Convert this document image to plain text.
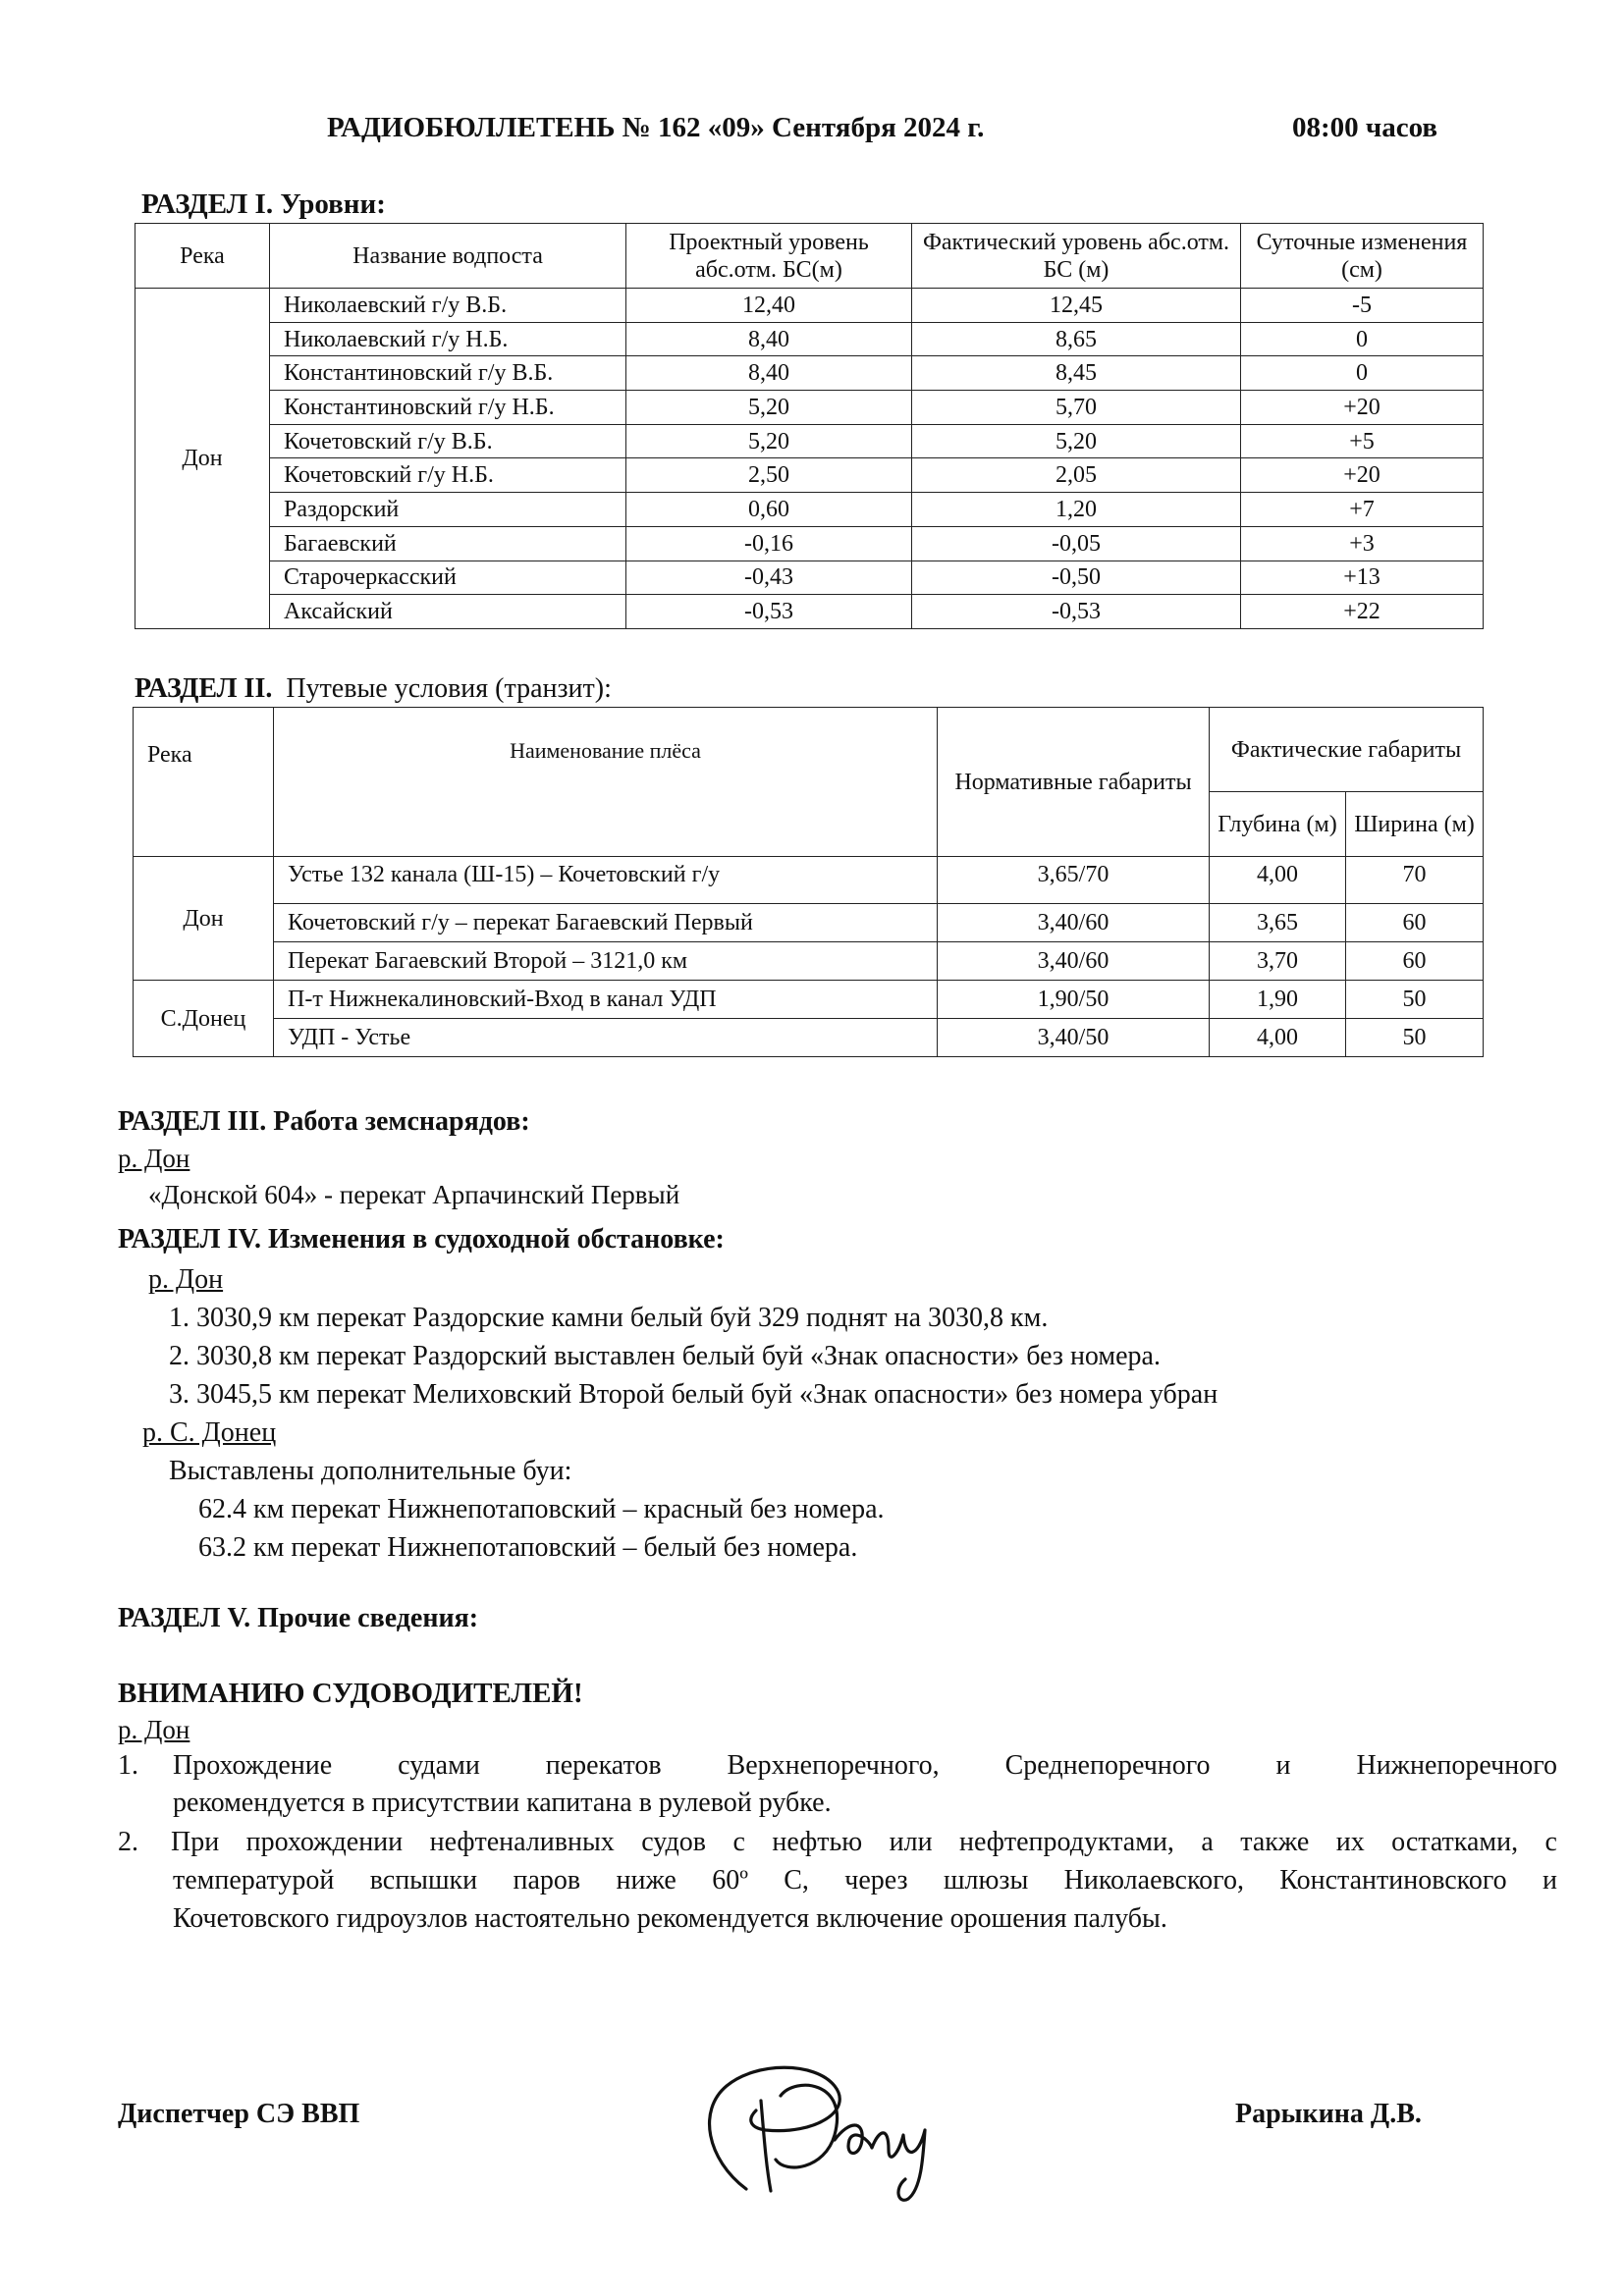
РАДИОБЮЛЛЕТЕНЬ № 162 «09» Сентября 2024 г.	08:00 часов
РАЗДЕЛ I. Уровни:
Река	Название водпоста	Проектный уровень абс.отм. БС(м)	Фактический уровень абс.отм. БС (м)	Суточные изменения (см)
Дон	Николаевский г/у В.Б.	12,40	12,45	-5
	Николаевский г/у Н.Б.	8,40	8,65	0
	Константиновский г/у В.Б.	8,40	8,45	0
	Константиновский г/у Н.Б.	5,20	5,70	+20
	Кочетовский г/у В.Б.	5,20	5,20	+5
	Кочетовский г/у Н.Б.	2,50	2,05	+20
	Раздорский	0,60	1,20	+7
	Багаевский	-0,16	-0,05	+3
	Старочеркасский	-0,43	-0,50	+13
	Аксайский	-0,53	-0,53	+22
РАЗДЕЛ II. Путевые условия (транзит):
Река	Наименование плёса	Нормативные габариты	Фактические габариты	
			Глубина (м)	Ширина (м)
Дон	Устье 132 канала (Ш-15) – Кочетовский г/у	3,65/70	4,00	70
	Кочетовский г/у – перекат Багаевский Первый	3,40/60	3,65	60
	Перекат Багаевский Второй – 3121,0 км	3,40/60	3,70	60
С.Донец	П-т Нижнекалиновский-Вход в канал УДП	1,90/50	1,90	50
	УДП - Устье	3,40/50	4,00	50
РАЗДЕЛ III. Работа земснарядов:
р. Дон
«Донской 604» - перекат Арпачинский Первый
РАЗДЕЛ IV. Изменения в судоходной обстановке:
р. Дон
1. 3030,9 км перекат Раздорские камни белый буй 329 поднят на 3030,8 км.
2. 3030,8 км перекат Раздорский выставлен белый буй «Знак опасности» без номера.
3. 3045,5 км перекат Мелиховский Второй белый буй «Знак опасности» без номера убран
р. С. Донец
Выставлены дополнительные буи:
62.4 км перекат Нижнепотаповский – красный без номера.
63.2 км перекат Нижнепотаповский – белый без номера.
РАЗДЕЛ V. Прочие сведения:
ВНИМАНИЮ СУДОВОДИТЕЛЕЙ!
р. Дон
1. Прохождение судами перекатов Верхнепоречного, Среднепоречного и Нижнепоречного
рекомендуется в присутствии капитана в рулевой рубке.
2. При прохождении нефтеналивных судов с нефтью или нефтепродуктами, а также их остатками, с
температурой вспышки паров ниже 60º С, через шлюзы Николаевского, Константиновского и
Кочетовского гидроузлов настоятельно рекомендуется включение орошения палубы.
Диспетчер СЭ ВВП	Рарыкина Д.В.
